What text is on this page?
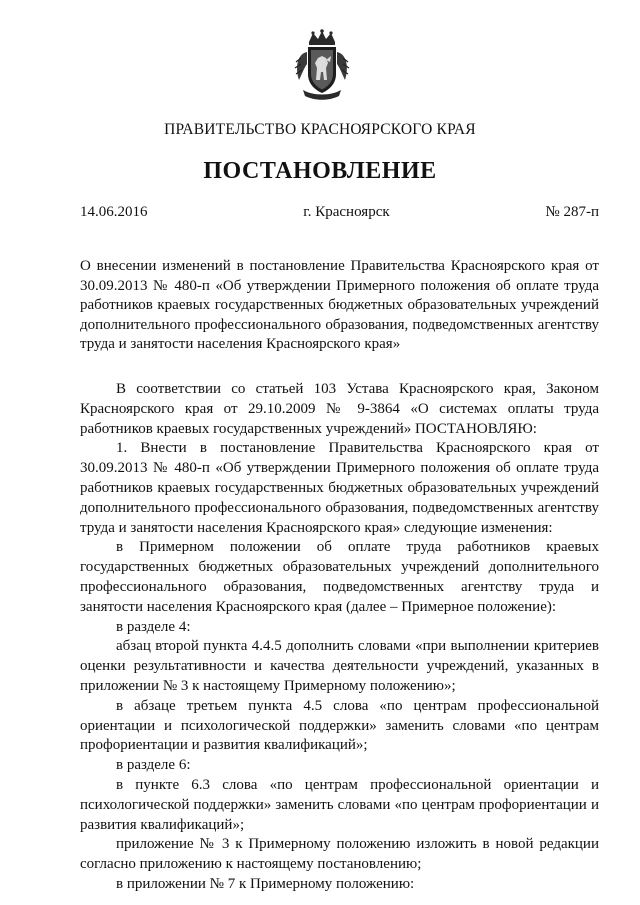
ПРАВИТЕЛЬСТВО КРАСНОЯРСКОГО КРАЯ
ПОСТАНОВЛЕНИЕ
14.06.2016	г. Красноярск	№ 287-п
О внесении изменений в постановление Правительства Красноярского края от 30.09.2013 № 480-п «Об утверждении Примерного положения об оплате труда работников краевых государственных бюджетных образовательных учреждений дополнительного профессионального образования, подведомственных агентству труда и занятости населения Красноярского края»

В соответствии со статьей 103 Устава Красноярского края, Законом Красноярского края от 29.10.2009 № 9-3864 «О системах оплаты труда работников краевых государственных учреждений» ПОСТАНОВЛЯЮ:

1. Внести в постановление Правительства Красноярского края от 30.09.2013 № 480-п «Об утверждении Примерного положения об оплате труда работников краевых государственных бюджетных образовательных учреждений дополнительного профессионального образования, подведомственных агентству труда и занятости населения Красноярского края» следующие изменения:

в Примерном положении об оплате труда работников краевых государственных бюджетных образовательных учреждений дополнительного профессионального образования, подведомственных агентству труда и занятости населения Красноярского края (далее – Примерное положение):

в разделе 4:

абзац второй пункта 4.4.5 дополнить словами «при выполнении критериев оценки результативности и качества деятельности учреждений, указанных в приложении № 3 к настоящему Примерному положению»;

в абзаце третьем пункта 4.5 слова «по центрам профессиональной ориентации и психологической поддержки» заменить словами «по центрам профориентации и развития квалификаций»;

в разделе 6:

в пункте 6.3 слова «по центрам профессиональной ориентации и психологической поддержки» заменить словами «по центрам профориентации и развития квалификаций»;

приложение № 3 к Примерному положению изложить в новой редакции согласно приложению к настоящему постановлению;

в приложении № 7 к Примерному положению:
